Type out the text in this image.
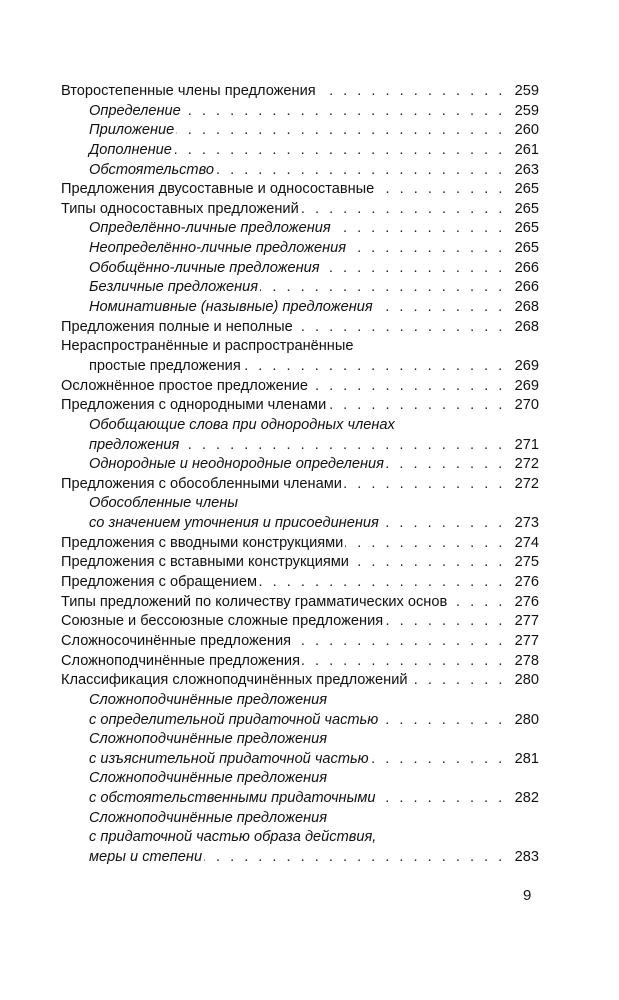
Второстепенные члены предложения . . .	259
Определение . . .	259
Приложение . . .	260
Дополнение . . .	261
Обстоятельство . . .	263
Предложения двусоставные и односоставные . . .	265
Типы односоставных предложений . . .	265
Определённо-личные предложения . . .	265
Неопределённо-личные предложения . . .	265
Обобщённо-личные предложения . . .	266
Безличные предложения . . .	266
Номинативные (назывные) предложения . . .	268
Предложения полные и неполные . . .	268
Нераспространённые и распространённые
простые предложения . . .	269
Осложнённое простое предложение . . .	269
Предложения с однородными членами . . .	270
Обобщающие слова при однородных членах
предложения . . .	271
Однородные и неоднородные определения . . .	272
Предложения с обособленными членами . . .	272
Обособленные члены
со значением уточнения и присоединения . . .	273
Предложения с вводными конструкциями . . .	274
Предложения с вставными конструкциями . . .	275
Предложения с обращением . . .	276
Типы предложений по количеству грамматических основ . . .	276
Союзные и бессоюзные сложные предложения . . .	277
Сложносочинённые предложения . . .	277
Сложноподчинённые предложения . . .	278
Классификация сложноподчинённых предложений . . .	280
Сложноподчинённые предложения
с определительной придаточной частью . . .	280
Сложноподчинённые предложения
с изъяснительной придаточной частью . . .	281
Сложноподчинённые предложения
с обстоятельственными придаточными . . .	282
Сложноподчинённые предложения
с придаточной частью образа действия,
меры и степени . . .	283
9
